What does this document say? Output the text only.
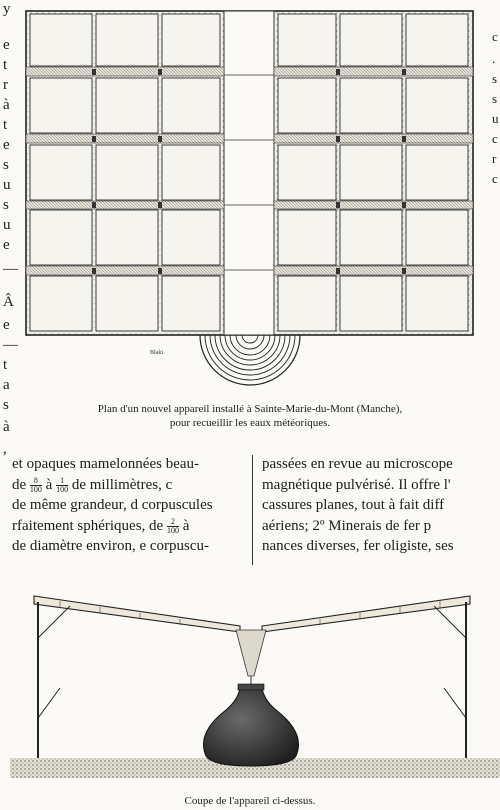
y
e
t
r
à
t
e
s
u
s
u
e
—
Â
e
—
t
a
s
à
,
c
.
s
s
u
c
r
c
Blaki
Plan d'un nouvel appareil installé à Sainte-Marie-du-Mont (Manche),
pour recueillir les eaux météoriques.
et opaques mamelonnées beau-
de $\frac{8}{100}$ à $\frac{1}{100}$ de millimètres, c
de même grandeur, d corpuscules
rfaitement sphériques, de $\frac{2}{100}$ à
de diamètre environ, e corpuscu-
passées en revue au microscope
magnétique pulvérisé. Il offre l'
cassures planes, tout à fait diff
aériens; 2º Minerais de fer p
nances diverses, fer oligiste, ses
Coupe de l'appareil ci-dessus.
